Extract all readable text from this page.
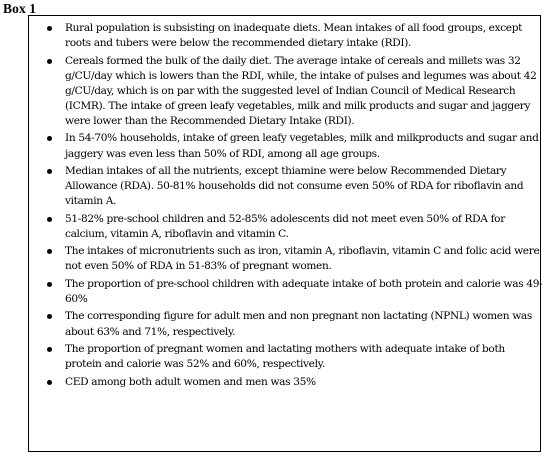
Box 1
Rural population is subsisting on inadequate diets. Mean intakes of all food groups, except roots and tubers were below the recommended dietary intake (RDI).
Cereals formed the bulk of the daily diet. The average intake of cereals and millets was 32 g/CU/day which is lowers than the RDI, while, the intake of pulses and legumes was about 42 g/CU/day, which is on par with the suggested level of Indian Council of Medical Research (ICMR). The intake of green leafy vegetables, milk and milk products and sugar and jaggery were lower than the Recommended Dietary Intake (RDI).
In 54-70% households, intake of green leafy vegetables, milk and milkproducts and sugar and jaggery was even less than 50% of RDI, among all age groups.
Median intakes of all the nutrients, except thiamine were below Recommended Dietary Allowance (RDA). 50-81% households did not consume even 50% of RDA for riboflavin and vitamin A.
51-82% pre-school children and 52-85% adolescents did not meet even 50% of RDA for calcium, vitamin A, riboflavin and vitamin C.
The intakes of micronutrients such as iron, vitamin A, riboflavin, vitamin C and folic acid were not even 50% of RDA in 51-83% of pregnant women.
The proportion of pre-school children with adequate intake of both protein and calorie was 49-60%
The corresponding figure for adult men and non pregnant non lactating (NPNL) women was about 63% and 71%, respectively.
The proportion of pregnant women and lactating mothers with adequate intake of both protein and calorie was 52% and 60%, respectively.
CED among both adult women and men was 35%
